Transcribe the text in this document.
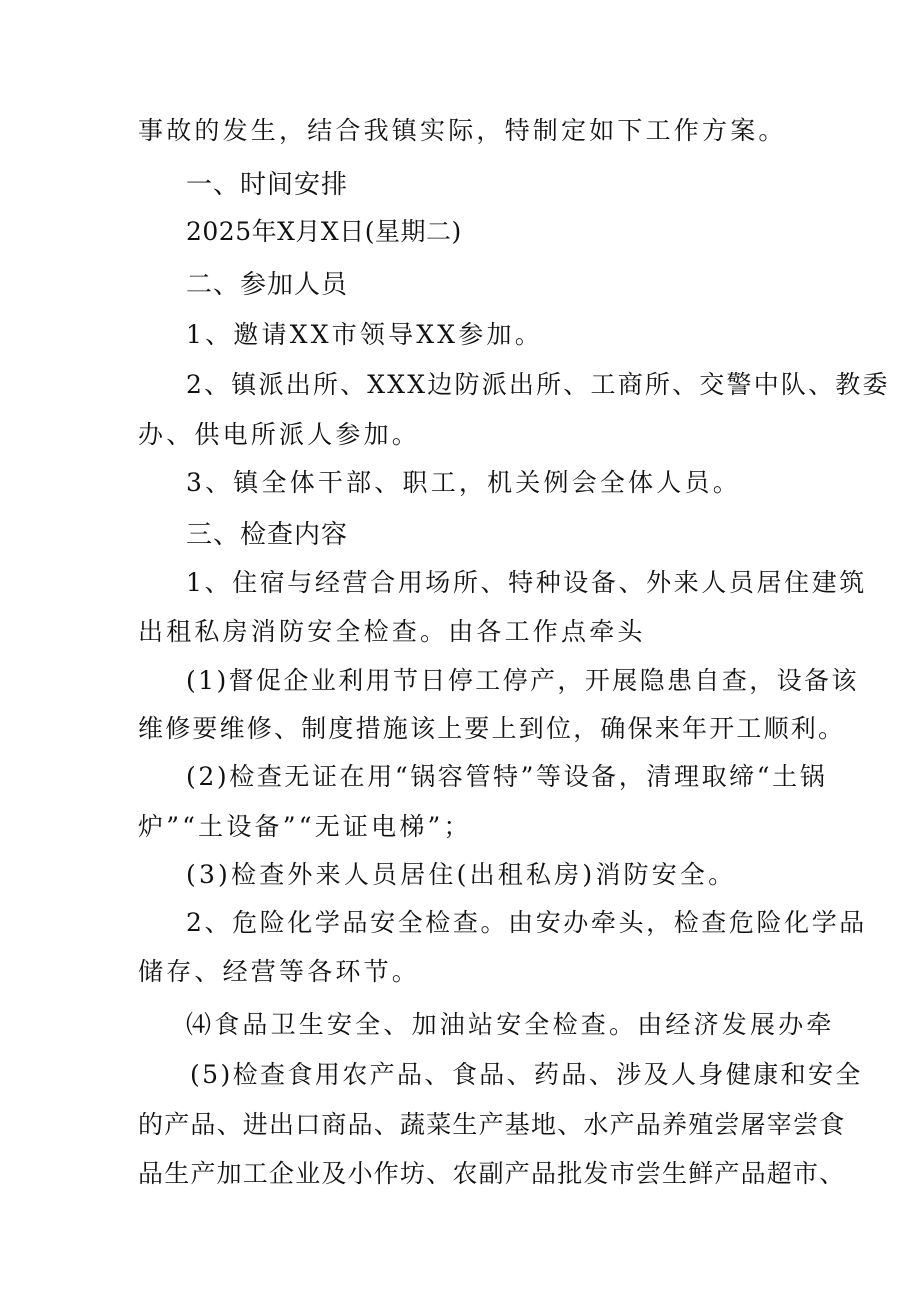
事故的发生，结合我镇实际，特制定如下工作方案。
一、时间安排
2025年X月X日(星期二)
二、参加人员
1、邀请XX市领导XX参加。
2、镇派出所、XXX边防派出所、工商所、交警中队、教委
办、供电所派人参加。
3、镇全体干部、职工，机关例会全体人员。
三、检查内容
1、住宿与经营合用场所、特种设备、外来人员居住建筑
出租私房消防安全检查。由各工作点牵头
(1)督促企业利用节日停工停产，开展隐患自查，设备该
维修要维修、制度措施该上要上到位，确保来年开工顺利。
(2)检查无证在用“锅容管特”等设备，清理取缔“土锅
炉”“土设备”“无证电梯”；
(3)检查外来人员居住(出租私房)消防安全。
2、危险化学品安全检查。由安办牵头，检查危险化学品
储存、经营等各环节。
⑷食品卫生安全、加油站安全检查。由经济发展办牵
(5)检查食用农产品、食品、药品、涉及人身健康和安全
的产品、进出口商品、蔬菜生产基地、水产品养殖尝屠宰尝食
品生产加工企业及小作坊、农副产品批发市尝生鲜产品超市、
